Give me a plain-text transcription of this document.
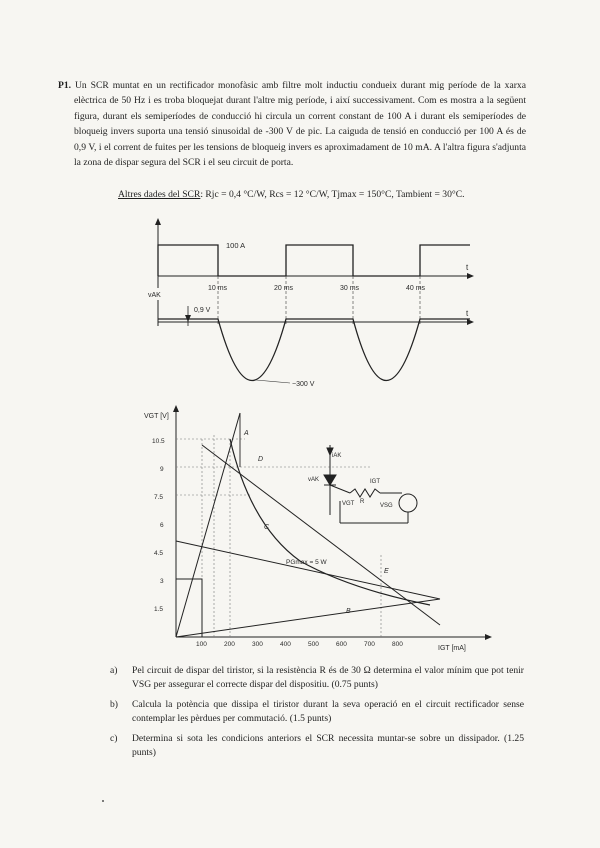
P1. Un SCR muntat en un rectificador monofàsic amb filtre molt inductiu condueix durant mig període de la xarxa elèctrica de 50 Hz i es troba bloquejat durant l'altre mig període, i així successivament. Com es mostra a la següent figura, durant els semiperíodes de conducció hi circula un corrent constant de 100 A i durant els semiperíodes de bloqueig invers suporta una tensió sinusoidal de -300 V de pic. La caiguda de tensió en conducció per 100 A és de 0,9 V, i el corrent de fuites per les tensions de bloqueig invers es aproximadament de 10 mA. A l'altra figura s'adjunta la zona de dispar segura del SCR i el seu circuit de porta.

Altres dades del SCR: Rjc = 0,4 °C/W, Rcs = 12 °C/W, Tjmax = 150°C, Tambient = 30°C.
t
100 A
10 ms	20 ms	30 ms	40 ms
vAK
t
0,9 V
−300 V
VGT [V]
IGT [mA]
10.5
9
7.5
6
4.5
3
1.5
100	200	300	400	500	600	700	800
A
B
C
D
E
PGmax = 5 W
iAK
vAK	IGT
VGT R
VSG
a) Pel circuit de dispar del tiristor, si la resistència R és de 30 Ω determina el valor mínim que pot tenir VSG per assegurar el correcte dispar del dispositiu. (0.75 punts)
b) Calcula la potència que dissipa el tiristor durant la seva operació en el circuit rectificador sense contemplar les pèrdues per commutació. (1.5 punts)
c) Determina si sota les condicions anteriors el SCR necessita muntar-se sobre un dissipador. (1.25 punts)
